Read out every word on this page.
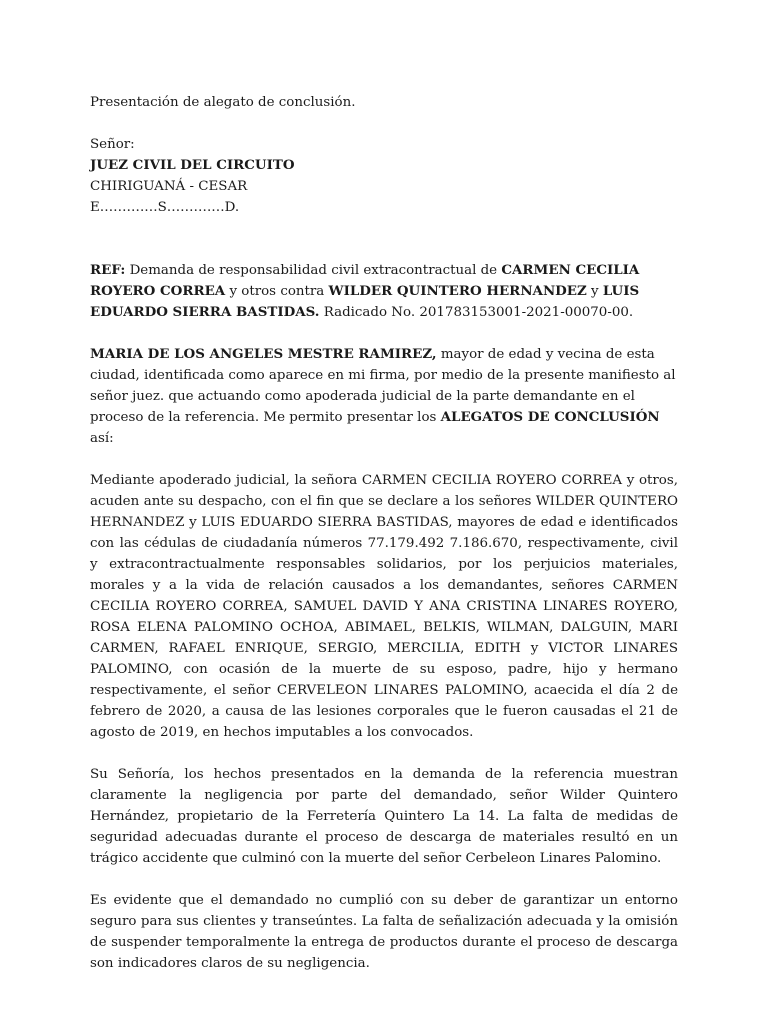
Presentación de alegato de conclusión.
Señor:
JUEZ CIVIL DEL CIRCUITO
CHIRIGUANÁ - CESAR
E……….…S……….…D.

REF: Demanda de responsabilidad civil extracontractual de CARMEN CECILIA ROYERO CORREA y otros contra WILDER QUINTERO HERNANDEZ y LUIS EDUARDO SIERRA BASTIDAS. Radicado No. 201783153001-2021-00070-00.

MARIA DE LOS ANGELES MESTRE RAMIREZ, mayor de edad y vecina de esta ciudad, identificada como aparece en mi firma, por medio de la presente manifiesto al señor juez. que actuando como apoderada judicial de la parte demandante en el proceso de la referencia. Me permito presentar los ALEGATOS DE CONCLUSIÓN así:

Mediante apoderado judicial, la señora CARMEN CECILIA ROYERO CORREA y otros, acuden ante su despacho, con el fin que se declare a los señores WILDER QUINTERO HERNANDEZ y LUIS EDUARDO SIERRA BASTIDAS, mayores de edad e identificados con las cédulas de ciudadanía números 77.179.492 7.186.670, respectivamente, civil y extracontractualmente responsables solidarios, por los perjuicios materiales, morales y a la vida de relación causados a los demandantes, señores CARMEN CECILIA ROYERO CORREA, SAMUEL DAVID Y ANA CRISTINA LINARES ROYERO, ROSA ELENA PALOMINO OCHOA, ABIMAEL, BELKIS, WILMAN, DALGUIN, MARI CARMEN, RAFAEL ENRIQUE, SERGIO, MERCILIA, EDITH y VICTOR LINARES PALOMINO, con ocasión de la muerte de su esposo, padre, hijo y hermano respectivamente, el señor CERVELEON LINARES PALOMINO, acaecida el día 2 de febrero de 2020, a causa de las lesiones corporales que le fueron causadas el 21 de agosto de 2019, en hechos imputables a los convocados.

Su Señoría, los hechos presentados en la demanda de la referencia muestran claramente la negligencia por parte del demandado, señor Wilder Quintero Hernández, propietario de la Ferretería Quintero La 14. La falta de medidas de seguridad adecuadas durante el proceso de descarga de materiales resultó en un trágico accidente que culminó con la muerte del señor Cerbeleon Linares Palomino.

Es evidente que el demandado no cumplió con su deber de garantizar un entorno seguro para sus clientes y transeúntes. La falta de señalización adecuada y la omisión de suspender temporalmente la entrega de productos durante el proceso de descarga son indicadores claros de su negligencia.
